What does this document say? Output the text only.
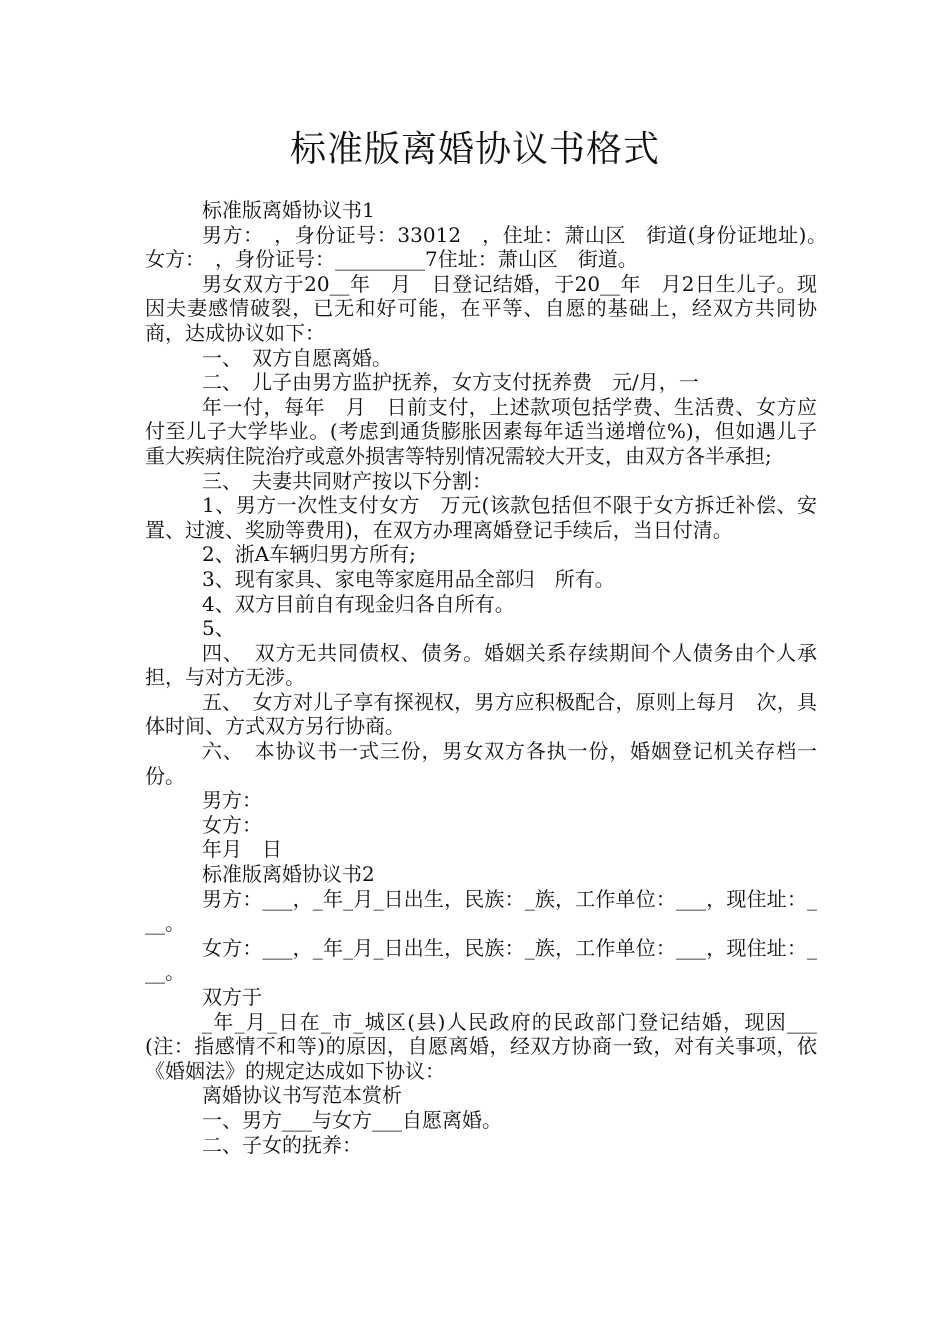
标准版离婚协议书格式

标准版离婚协议书1

男方：　，身份证号：33012　，住址：萧山区　街道(身份证地址)。　女方：　，身份证号：_________7住址：萧山区　街道。

男女双方于20__年　月　日登记结婚，于20__年　月2日生儿子。现因夫妻感情破裂，已无和好可能，在平等、自愿的基础上，经双方共同协商，达成协议如下：

一、　双方自愿离婚。

二、　儿子由男方监护抚养，女方支付抚养费　元/月，一

年一付，每年　月　日前支付，上述款项包括学费、生活费、女方应付至儿子大学毕业。(考虑到通货膨胀因素每年适当递增位%)，但如遇儿子重大疾病住院治疗或意外损害等特别情况需较大开支，由双方各半承担;

三、　夫妻共同财产按以下分割：

1、男方一次性支付女方　万元(该款包括但不限于女方拆迁补偿、安置、过渡、奖励等费用)，在双方办理离婚登记手续后，当日付清。

2、浙A车辆归男方所有;

3、现有家具、家电等家庭用品全部归　所有。

4、双方目前自有现金归各自所有。

5、

四、　双方无共同债权、债务。婚姻关系存续期间个人债务由个人承担，与对方无涉。

五、　女方对儿子享有探视权，男方应积极配合，原则上每月　次，具体时间、方式双方另行协商。

六、　本协议书一式三份，男女双方各执一份，婚姻登记机关存档一份。

男方：

女方：

年月　日

标准版离婚协议书2

男方：___，_年_月_日出生，民族：_族，工作单位：___，现住址：___。

女方：___，_年_月_日出生，民族：_族，工作单位：___，现住址：___。

双方于

_年_月_日在_市_城区(县)人民政府的民政部门登记结婚，现因___(注：指感情不和等)的原因，自愿离婚，经双方协商一致，对有关事项，依《婚姻法》的规定达成如下协议：

离婚协议书写范本赏析

一、男方___与女方___自愿离婚。

二、子女的抚养：
